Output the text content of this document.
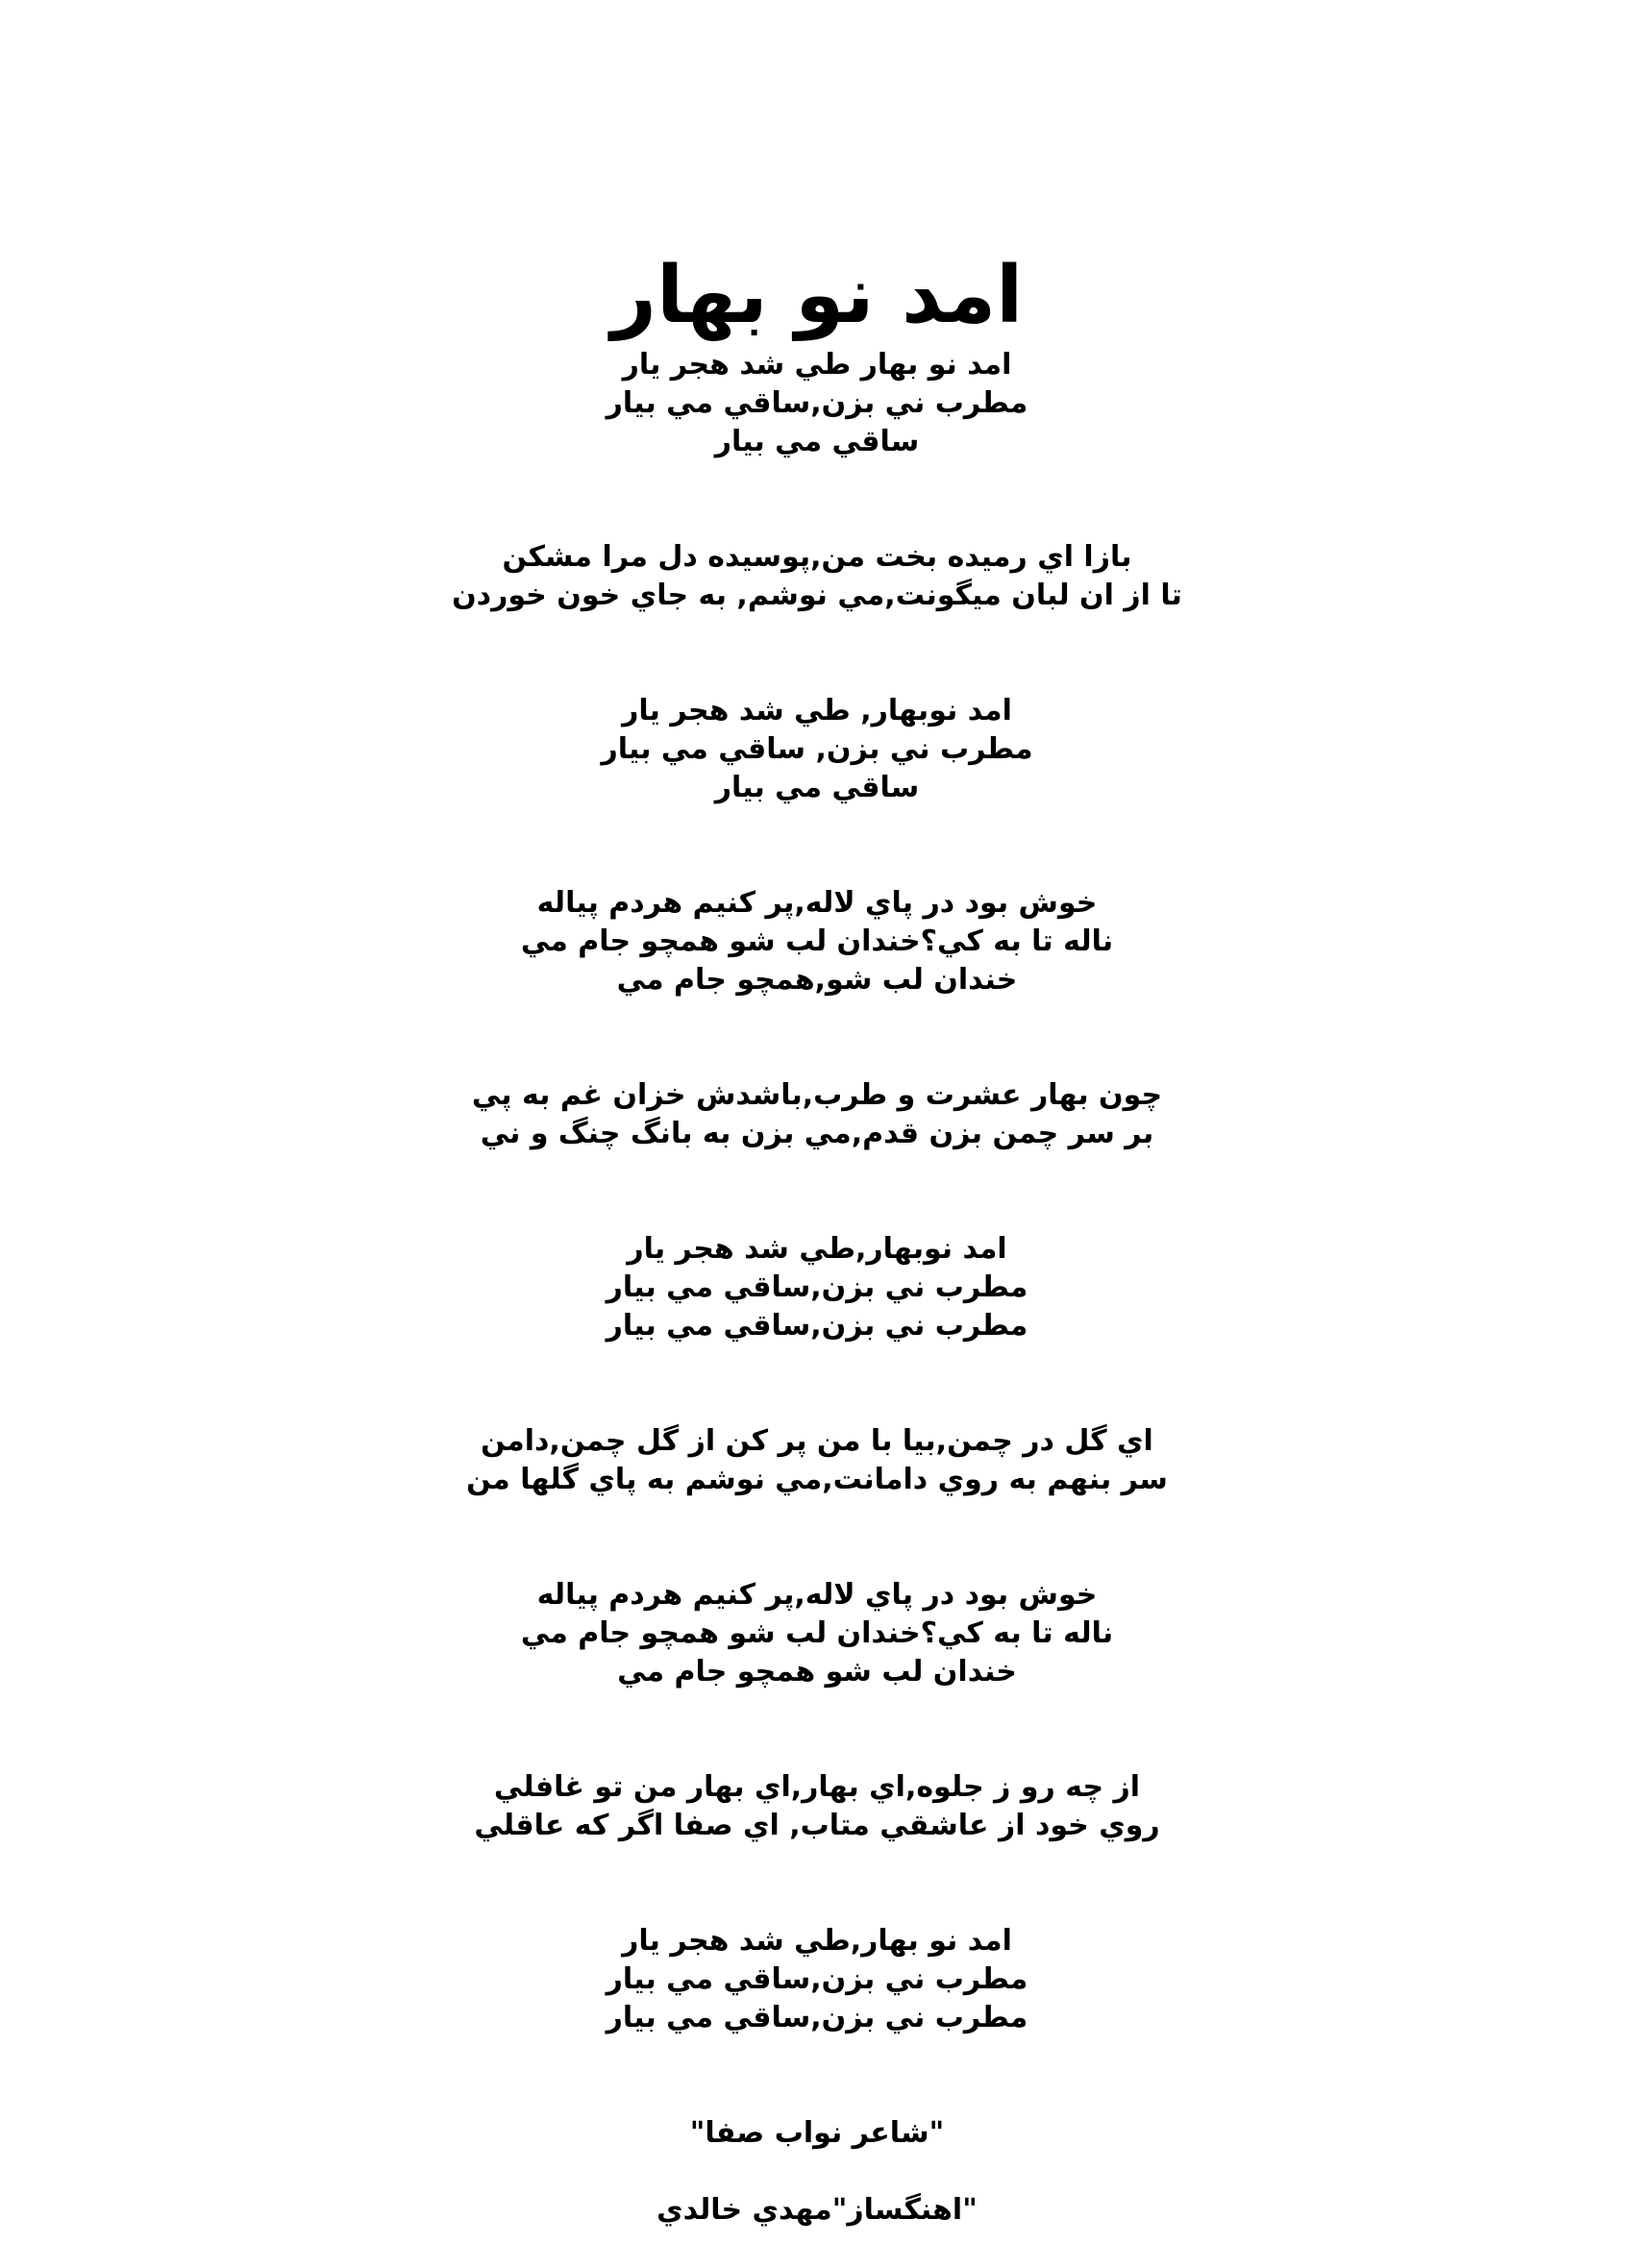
امد نو بهار
امد نو بهار طي شد هجر يار
مطرب ني بزن,ساقي مي بيار
ساقي مي بيار
بازا اي رميده بخت من,پوسيده دل مرا مشكن
تا از ان لبان ميگونت,مي نوشم, به جاي خون خوردن
امد نوبهار, طي شد هجر يار
مطرب ني بزن, ساقي مي بيار
ساقي مي بيار
خوش بود در پاي لاله,پر كنيم هردم پياله
ناله تا به كي؟خندان لب شو همچو جام مي
خندان لب شو,همچو جام مي
چون بهار عشرت و طرب,باشدش خزان غم به پي
بر سر چمن بزن قدم,مي بزن به بانگ چنگ و ني
امد نوبهار,طي شد هجر يار
مطرب ني بزن,ساقي مي بيار
مطرب ني بزن,ساقي مي بيار
اي گل در چمن,بيا با من پر كن از گل چمن,دامن
سر بنهم به روي دامانت,مي نوشم به پاي گلها من
خوش بود در پاي لاله,پر كنيم هردم پياله
ناله تا به كي؟خندان لب شو همچو جام مي
خندان لب شو همچو جام مي
از چه رو ز جلوه,اي بهار,اي بهار من تو غافلي
روي خود از عاشقي متاب, اي صفا اگر كه عاقلي
امد نو بهار,طي شد هجر يار
مطرب ني بزن,ساقي مي بيار
مطرب ني بزن,ساقي مي بيار
"شاعر نواب صفا"
"اهنگساز"مهدي خالدي
